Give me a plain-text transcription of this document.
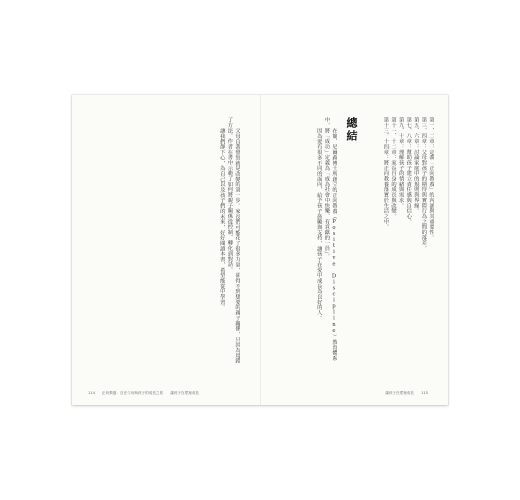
父母自我覺察就是改變的第一步。家長們可能花了很多力氣，卻得不到想要的親子關係，只因為用錯了方法。作者在書中示範了如何將親子關係從控制、轉化到對話。

讓我們靜下心，為自己以及孩子們的未來，好好閱讀本書，希望能從中學習。

114 正向教養：自在父母與孩子的成長之旅 讓孩子在愛裡成長

第一、二章：定義「正向教養」的內涵與其重要性。

第三、四章：父母對孩子的期待與實際行為之間的落差。

第五、六章：討論家庭中的規則與界線。

第七、八章：幫助孩子建立責任感與自信心。

第九、十章：理解孩子的情緒與需求。

第十一、十二章：家長自身的成長與改變。

第十三、十四章：將正向教養落實於生活之中。

總結

在簡．尼爾森博士所創立的正向教養（Positive Discipline）教育體系中，將「成功」定義為「成為社會中快樂、有貢獻的一員」。

因為愛有很多不同的面向，給予孩子鼓勵與支持，讓孩子在愛中成長為良好的人。

讓孩子在愛裡成長 115
